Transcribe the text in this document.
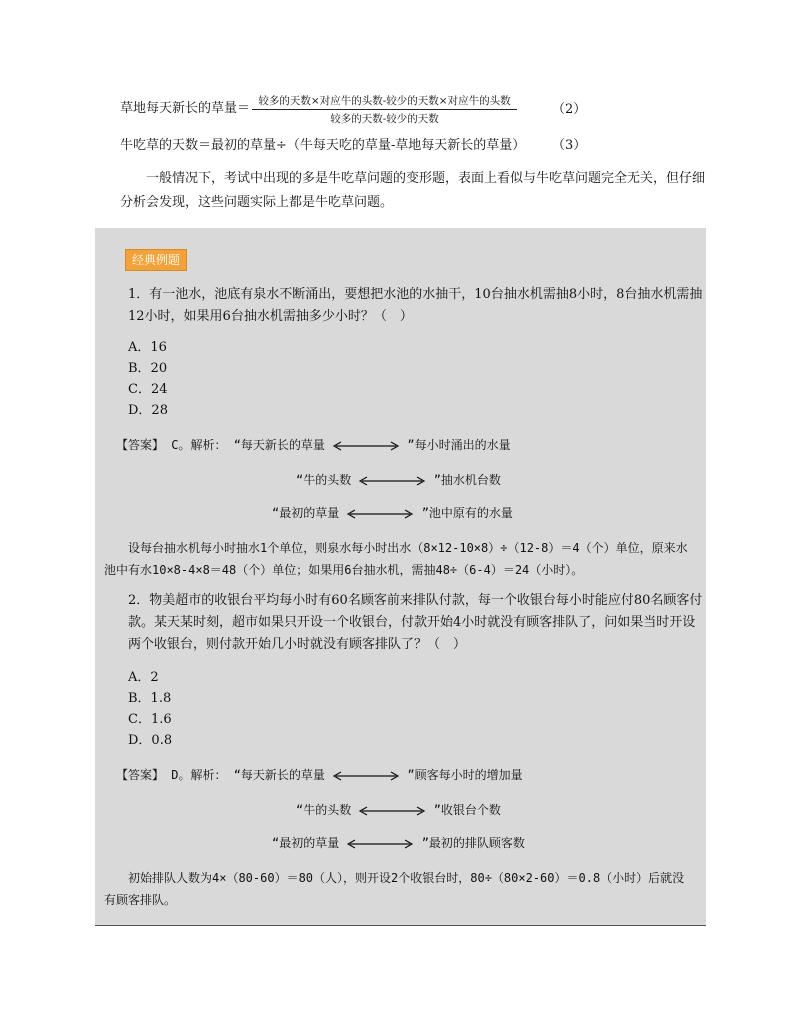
草地每天新长的草量＝ 较多的天数×对应牛的头数-较少的天数×对应牛的头数
较多的天数-较少的天数
（2）
牛吃草的天数＝最初的草量÷（牛每天吃的草量-草地每天新长的草量） （3）
一般情况下，考试中出现的多是牛吃草问题的变形题，表面上看似与牛吃草问题完全无关，但仔细分析会发现，这些问题实际上都是牛吃草问题。
经典例题
1．有一池水，池底有泉水不断涌出，要想把水池的水抽干，10台抽水机需抽8小时，8台抽水机需抽12小时，如果用6台抽水机需抽多少小时？（　）
A．16
B．20
C．24
D．28
【答案】 C。解析： “每天新长的草量	”每小时涌出的水量
“牛的头数	”抽水机台数
“最初的草量	”池中原有的水量
设每台抽水机每小时抽水1个单位，则泉水每小时出水（8×12-10×8）÷（12-8）＝4（个）单位，原来水池中有水10×8-4×8＝48（个）单位；如果用6台抽水机，需抽48÷（6-4）＝24（小时）。
2．物美超市的收银台平均每小时有60名顾客前来排队付款，每一个收银台每小时能应付80名顾客付款。某天某时刻，超市如果只开设一个收银台，付款开始4小时就没有顾客排队了，问如果当时开设两个收银台，则付款开始几小时就没有顾客排队了？（　）
A．2
B．1.8
C．1.6
D．0.8
【答案】 D。解析： “每天新长的草量	”顾客每小时的增加量
“牛的头数	”收银台个数
“最初的草量	”最初的排队顾客数
初始排队人数为4×（80-60）＝80（人），则开设2个收银台时，80÷（80×2-60）＝0.8（小时）后就没有顾客排队。
